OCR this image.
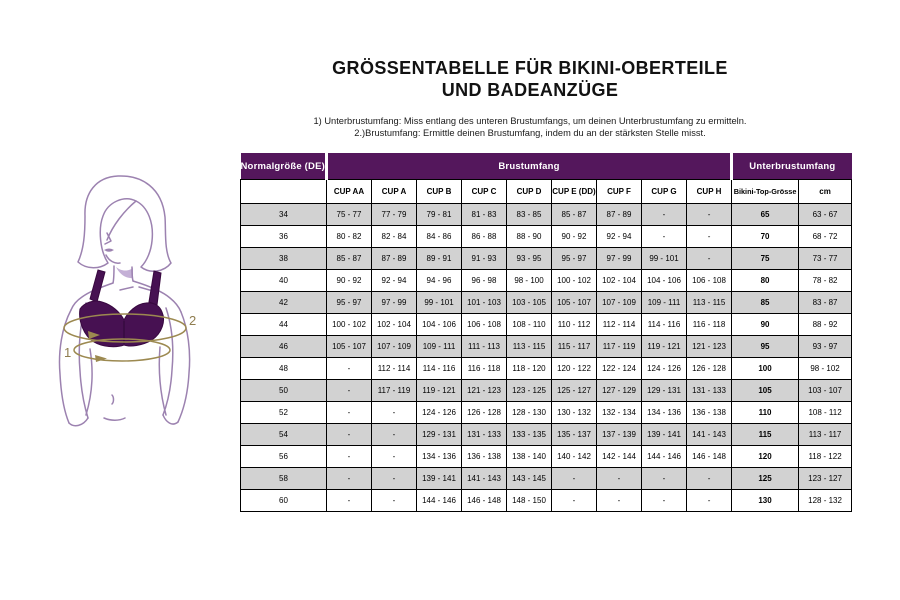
GRÖSSENTABELLE FÜR BIKINI-OBERTEILE
UND BADEANZÜGE
1) Unterbrustumfang: Miss entlang des unteren Brustumfangs, um deinen Unterbrustumfang zu ermitteln.
2.)Brustumfang: Ermittle deinen Brustumfang, indem du an der stärksten Stelle misst.
1
2
Normalgröße (DE)	Brustumfang									Unterbrustumfang	
	CUP AA	CUP A	CUP B	CUP C	CUP D	CUP E (DD)	CUP F	CUP G	CUP H	Bikini-Top-Grösse	cm
34	75 - 77	77 - 79	79 - 81	81 - 83	83 - 85	85 - 87	87 - 89	-	-	65	63 - 67
36	80 - 82	82 - 84	84 - 86	86 - 88	88 - 90	90 - 92	92 - 94	-	-	70	68 - 72
38	85 - 87	87 - 89	89 - 91	91 - 93	93 - 95	95 - 97	97 - 99	99 - 101	-	75	73 - 77
40	90 - 92	92 - 94	94 - 96	96 - 98	98 - 100	100 - 102	102 - 104	104 - 106	106 - 108	80	78 - 82
42	95 - 97	97 - 99	99 - 101	101 - 103	103 - 105	105 - 107	107 - 109	109 - 111	113 - 115	85	83 - 87
44	100 - 102	102 - 104	104 - 106	106 - 108	108 - 110	110 - 112	112 - 114	114 - 116	116 - 118	90	88 - 92
46	105 - 107	107 - 109	109 - 111	111 - 113	113 - 115	115 - 117	117 - 119	119 - 121	121 - 123	95	93 - 97
48	-	112 - 114	114 - 116	116 - 118	118 - 120	120 - 122	122 - 124	124 - 126	126 - 128	100	98 - 102
50	-	117 - 119	119 - 121	121 - 123	123 - 125	125 - 127	127 - 129	129 - 131	131 - 133	105	103 - 107
52	-	-	124 - 126	126 - 128	128 - 130	130 - 132	132 - 134	134 - 136	136 - 138	110	108 - 112
54	-	-	129 - 131	131 - 133	133 - 135	135 - 137	137 - 139	139 - 141	141 - 143	115	113 - 117
56	-	-	134 - 136	136 - 138	138 - 140	140 - 142	142 - 144	144 - 146	146 - 148	120	118 - 122
58	-	-	139 - 141	141 - 143	143 - 145	-	-	-	-	125	123 - 127
60	-	-	144 - 146	146 - 148	148 - 150	-	-	-	-	130	128 - 132
